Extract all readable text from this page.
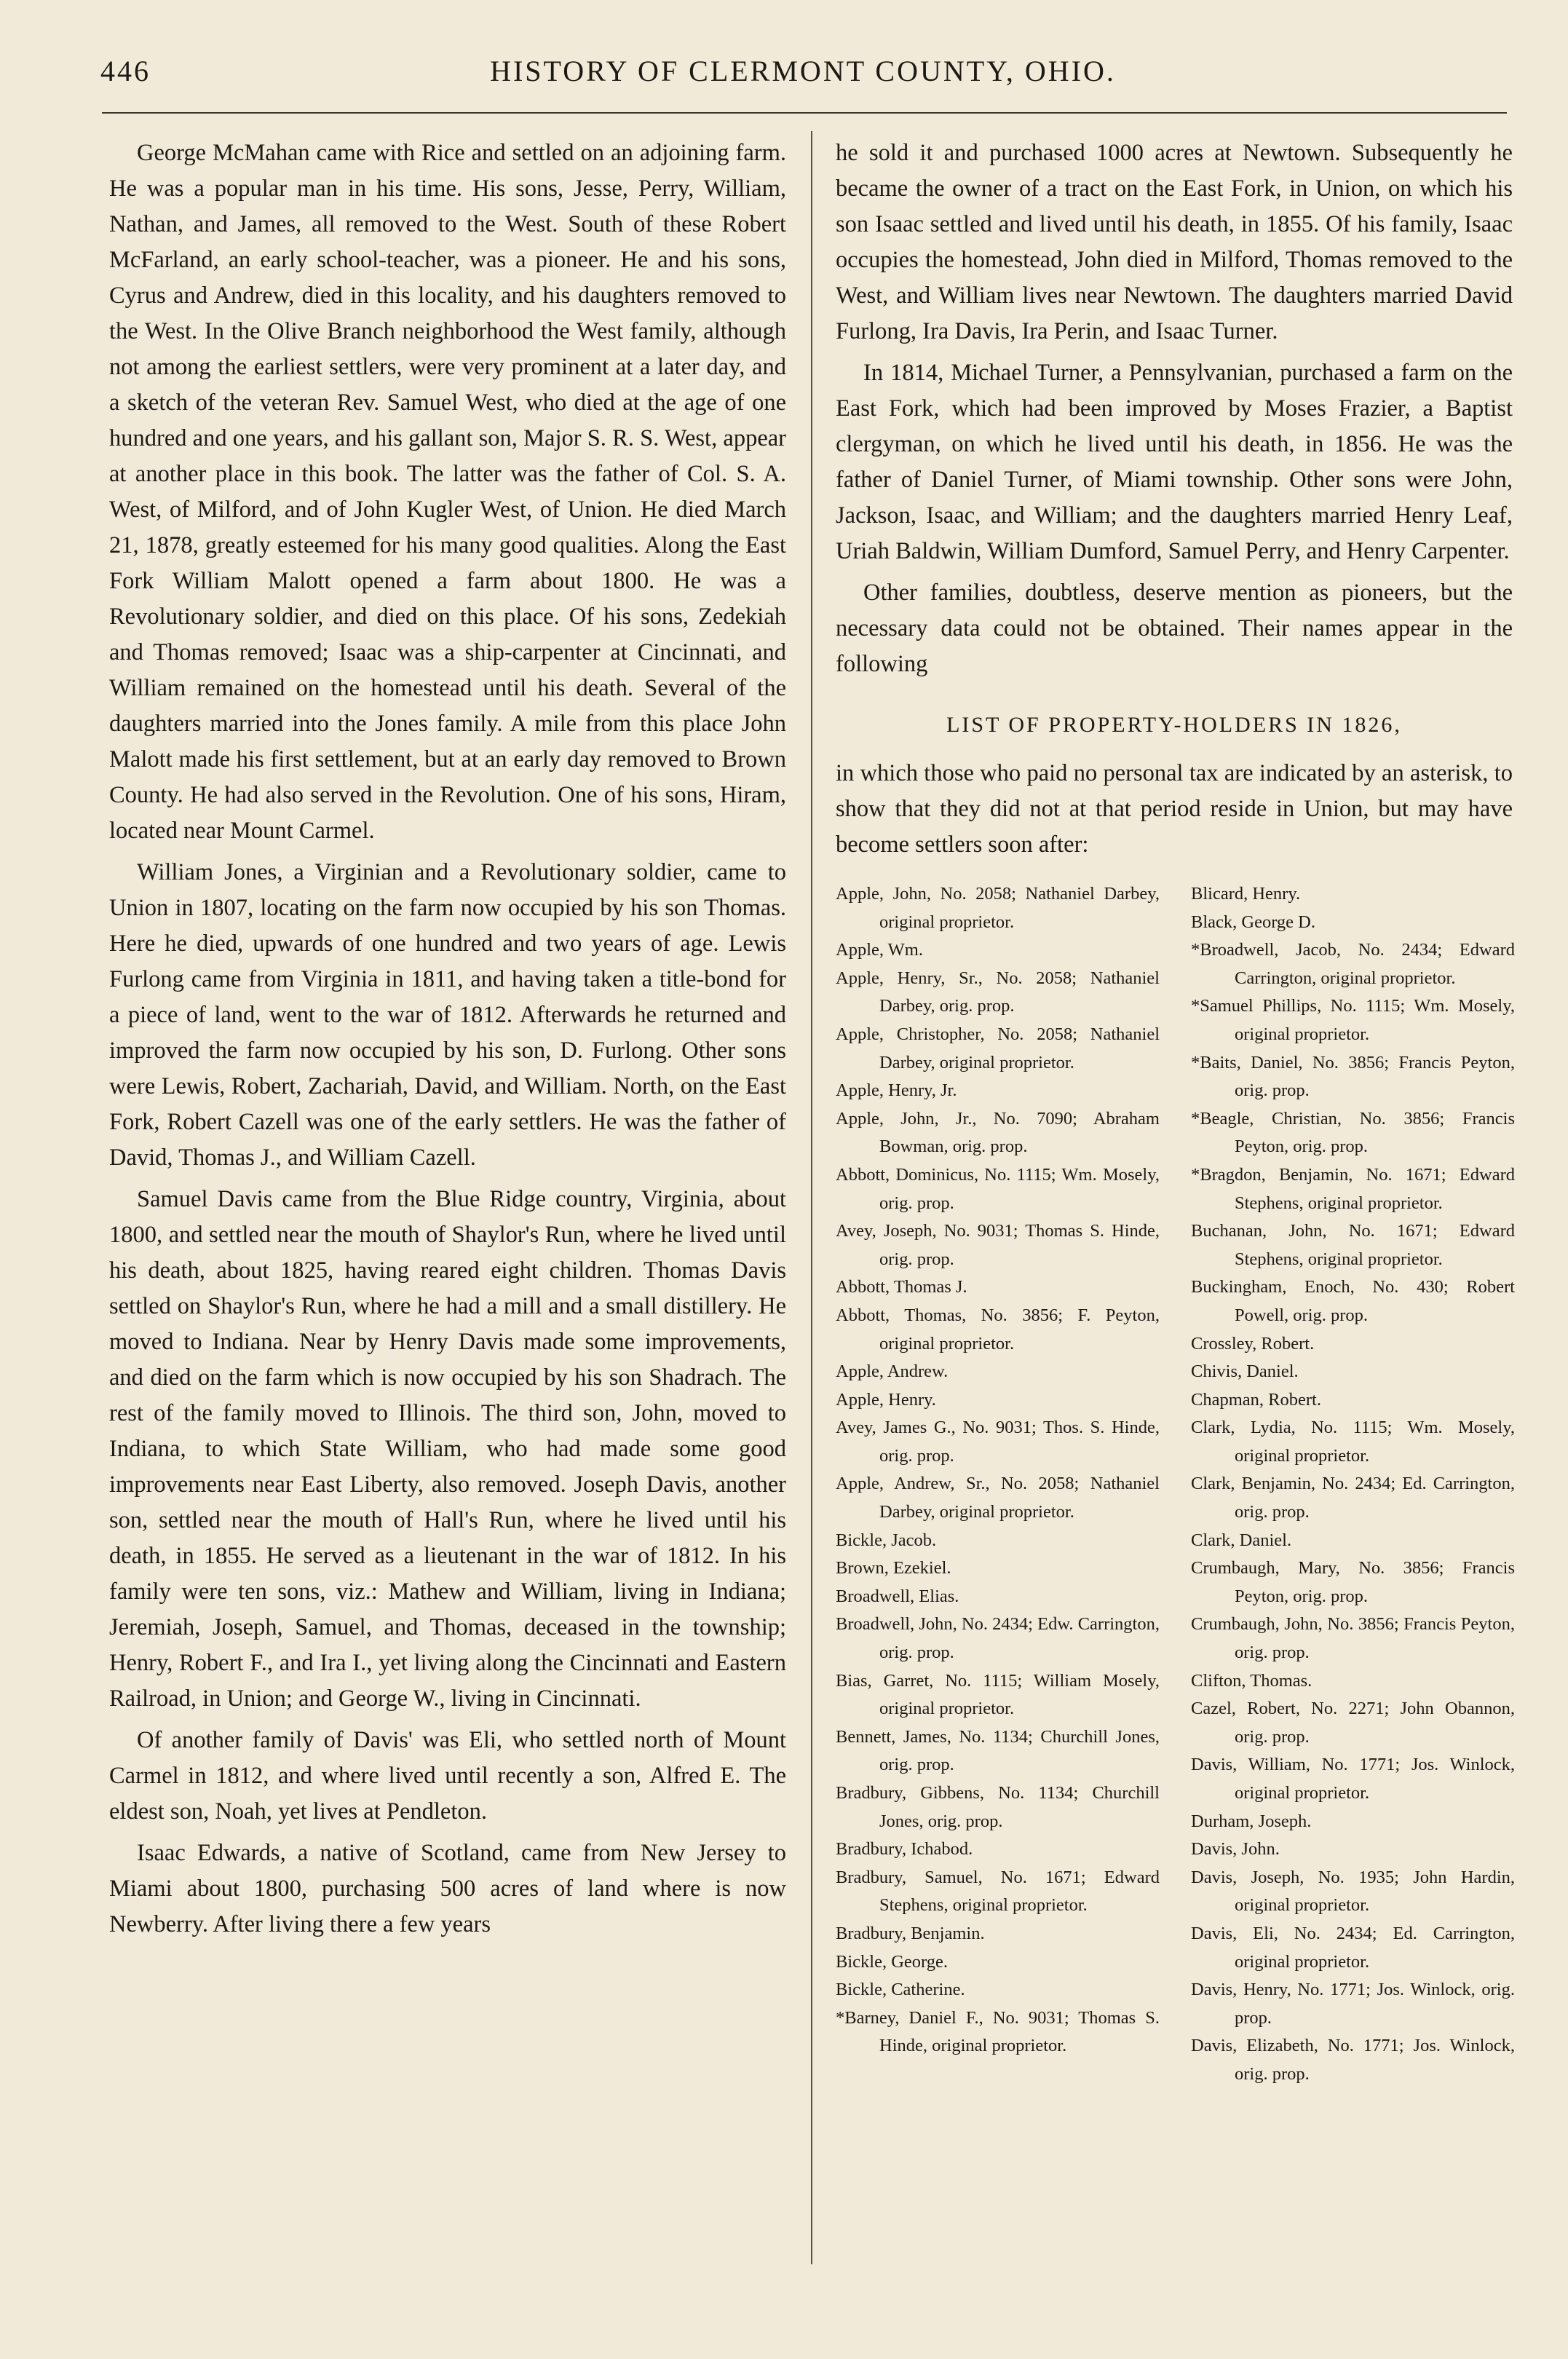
446	HISTORY OF CLERMONT COUNTY, OHIO.

George McMahan came with Rice and settled on an adjoining farm. He was a popular man in his time. His sons, Jesse, Perry, William, Nathan, and James, all removed to the West. South of these Robert McFarland, an early school-teacher, was a pioneer. He and his sons, Cyrus and Andrew, died in this locality, and his daughters removed to the West. In the Olive Branch neighborhood the West family, although not among the earliest settlers, were very prominent at a later day, and a sketch of the veteran Rev. Samuel West, who died at the age of one hundred and one years, and his gallant son, Major S. R. S. West, appear at another place in this book. The latter was the father of Col. S. A. West, of Milford, and of John Kugler West, of Union. He died March 21, 1878, greatly esteemed for his many good qualities. Along the East Fork William Malott opened a farm about 1800. He was a Revolutionary soldier, and died on this place. Of his sons, Zedekiah and Thomas removed; Isaac was a ship-carpenter at Cincinnati, and William remained on the homestead until his death. Several of the daughters married into the Jones family. A mile from this place John Malott made his first settlement, but at an early day removed to Brown County. He had also served in the Revolution. One of his sons, Hiram, located near Mount Carmel.

William Jones, a Virginian and a Revolutionary soldier, came to Union in 1807, locating on the farm now occupied by his son Thomas. Here he died, upwards of one hundred and two years of age. Lewis Furlong came from Virginia in 1811, and having taken a title-bond for a piece of land, went to the war of 1812. Afterwards he returned and improved the farm now occupied by his son, D. Furlong. Other sons were Lewis, Robert, Zachariah, David, and William. North, on the East Fork, Robert Cazell was one of the early settlers. He was the father of David, Thomas J., and William Cazell.

Samuel Davis came from the Blue Ridge country, Virginia, about 1800, and settled near the mouth of Shaylor's Run, where he lived until his death, about 1825, having reared eight children. Thomas Davis settled on Shaylor's Run, where he had a mill and a small distillery. He moved to Indiana. Near by Henry Davis made some improvements, and died on the farm which is now occupied by his son Shadrach. The rest of the family moved to Illinois. The third son, John, moved to Indiana, to which State William, who had made some good improvements near East Liberty, also removed. Joseph Davis, another son, settled near the mouth of Hall's Run, where he lived until his death, in 1855. He served as a lieutenant in the war of 1812. In his family were ten sons, viz.: Mathew and William, living in Indiana; Jeremiah, Joseph, Samuel, and Thomas, deceased in the township; Henry, Robert F., and Ira I., yet living along the Cincinnati and Eastern Railroad, in Union; and George W., living in Cincinnati.

Of another family of Davis' was Eli, who settled north of Mount Carmel in 1812, and where lived until recently a son, Alfred E. The eldest son, Noah, yet lives at Pendleton.

Isaac Edwards, a native of Scotland, came from New Jersey to Miami about 1800, purchasing 500 acres of land where is now Newberry. After living there a few years

he sold it and purchased 1000 acres at Newtown. Subsequently he became the owner of a tract on the East Fork, in Union, on which his son Isaac settled and lived until his death, in 1855. Of his family, Isaac occupies the homestead, John died in Milford, Thomas removed to the West, and William lives near Newtown. The daughters married David Furlong, Ira Davis, Ira Perin, and Isaac Turner.

In 1814, Michael Turner, a Pennsylvanian, purchased a farm on the East Fork, which had been improved by Moses Frazier, a Baptist clergyman, on which he lived until his death, in 1856. He was the father of Daniel Turner, of Miami township. Other sons were John, Jackson, Isaac, and William; and the daughters married Henry Leaf, Uriah Baldwin, William Dumford, Samuel Perry, and Henry Carpenter.

Other families, doubtless, deserve mention as pioneers, but the necessary data could not be obtained. Their names appear in the following

LIST OF PROPERTY-HOLDERS IN 1826,

in which those who paid no personal tax are indicated by an asterisk, to show that they did not at that period reside in Union, but may have become settlers soon after:

Apple, John, No. 2058; Nathaniel Darbey, original proprietor.

Apple, Wm.

Apple, Henry, Sr., No. 2058; Nathaniel Darbey, orig. prop.

Apple, Christopher, No. 2058; Nathaniel Darbey, original proprietor.

Apple, Henry, Jr.

Apple, John, Jr., No. 7090; Abraham Bowman, orig. prop.

Abbott, Dominicus, No. 1115; Wm. Mosely, orig. prop.

Avey, Joseph, No. 9031; Thomas S. Hinde, orig. prop.

Abbott, Thomas J.

Abbott, Thomas, No. 3856; F. Peyton, original proprietor.

Apple, Andrew.

Apple, Henry.

Avey, James G., No. 9031; Thos. S. Hinde, orig. prop.

Apple, Andrew, Sr., No. 2058; Nathaniel Darbey, original proprietor.

Bickle, Jacob.

Brown, Ezekiel.

Broadwell, Elias.

Broadwell, John, No. 2434; Edw. Carrington, orig. prop.

Bias, Garret, No. 1115; William Mosely, original proprietor.

Bennett, James, No. 1134; Churchill Jones, orig. prop.

Bradbury, Gibbens, No. 1134; Churchill Jones, orig. prop.

Bradbury, Ichabod.

Bradbury, Samuel, No. 1671; Edward Stephens, original proprietor.

Bradbury, Benjamin.

Bickle, George.

Bickle, Catherine.

*Barney, Daniel F., No. 9031; Thomas S. Hinde, original proprietor.

Blicard, Henry.

Black, George D.

*Broadwell, Jacob, No. 2434; Edward Carrington, original proprietor.

*Samuel Phillips, No. 1115; Wm. Mosely, original proprietor.

*Baits, Daniel, No. 3856; Francis Peyton, orig. prop.

*Beagle, Christian, No. 3856; Francis Peyton, orig. prop.

*Bragdon, Benjamin, No. 1671; Edward Stephens, original proprietor.

Buchanan, John, No. 1671; Edward Stephens, original proprietor.

Buckingham, Enoch, No. 430; Robert Powell, orig. prop.

Crossley, Robert.

Chivis, Daniel.

Chapman, Robert.

Clark, Lydia, No. 1115; Wm. Mosely, original proprietor.

Clark, Benjamin, No. 2434; Ed. Carrington, orig. prop.

Clark, Daniel.

Crumbaugh, Mary, No. 3856; Francis Peyton, orig. prop.

Crumbaugh, John, No. 3856; Francis Peyton, orig. prop.

Clifton, Thomas.

Cazel, Robert, No. 2271; John Obannon, orig. prop.

Davis, William, No. 1771; Jos. Winlock, original proprietor.

Durham, Joseph.

Davis, John.

Davis, Joseph, No. 1935; John Hardin, original proprietor.

Davis, Eli, No. 2434; Ed. Carrington, original proprietor.

Davis, Henry, No. 1771; Jos. Winlock, orig. prop.

Davis, Elizabeth, No. 1771; Jos. Winlock, orig. prop.
